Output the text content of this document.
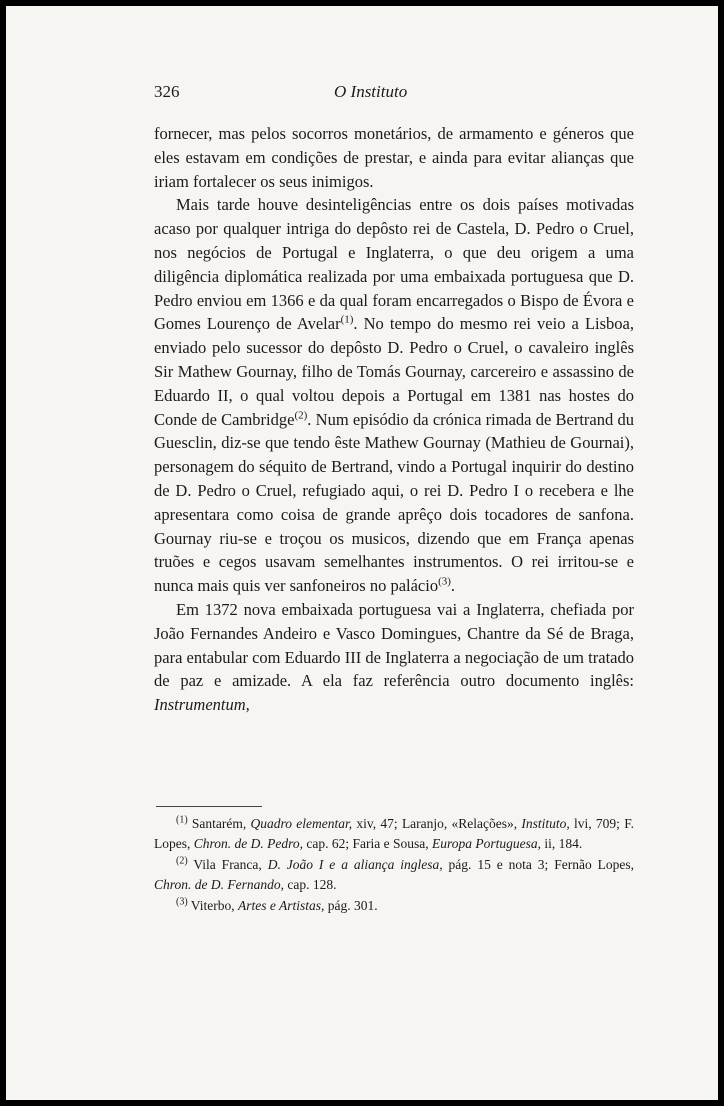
326	O Instituto

fornecer, mas pelos socorros monetários, de armamento e géneros que eles estavam em condições de prestar, e ainda para evitar alianças que iriam fortalecer os seus inimigos.

Mais tarde houve desinteligências entre os dois países motivadas acaso por qualquer intriga do depôsto rei de Castela, D. Pedro o Cruel, nos negócios de Portugal e Inglaterra, o que deu origem a uma diligência diplomática realizada por uma embaixada portuguesa que D. Pedro enviou em 1366 e da qual foram encarregados o Bispo de Évora e Gomes Lourenço de Avelar$^{(1)}$. No tempo do mesmo rei veio a Lisboa, enviado pelo sucessor do depôsto D. Pedro o Cruel, o cavaleiro inglês Sir Mathew Gournay, filho de Tomás Gournay, carcereiro e assassino de Eduardo II, o qual voltou depois a Portugal em 1381 nas hostes do Conde de Cambridge$^{(2)}$. Num episódio da crónica rimada de Bertrand du Guesclin, diz-se que tendo êste Mathew Gournay (Mathieu de Gournai), personagem do séquito de Bertrand, vindo a Portugal inquirir do destino de D. Pedro o Cruel, refugiado aqui, o rei D. Pedro I o recebera e lhe apresentara como coisa de grande aprêço dois tocadores de sanfona. Gournay riu-se e troçou os musicos, dizendo que em França apenas truões e cegos usavam semelhantes instrumentos. O rei irritou-se e nunca mais quis ver sanfoneiros no palácio$^{(3)}$.

Em 1372 nova embaixada portuguesa vai a Inglaterra, chefiada por João Fernandes Andeiro e Vasco Domingues, Chantre da Sé de Braga, para entabular com Eduardo III de Inglaterra a negociação de um tratado de paz e amizade. A ela faz referência outro documento inglês: Instrumentum,

$^{(1)}$ Santarém, Quadro elementar, xiv, 47; Laranjo, «Relações», Instituto, lvi, 709; F. Lopes, Chron. de D. Pedro, cap. 62; Faria e Sousa, Europa Portuguesa, ii, 184.

$^{(2)}$ Vila Franca, D. João I e a aliança inglesa, pág. 15 e nota 3; Fernão Lopes, Chron. de D. Fernando, cap. 128.

$^{(3)}$ Viterbo, Artes e Artistas, pág. 301.
